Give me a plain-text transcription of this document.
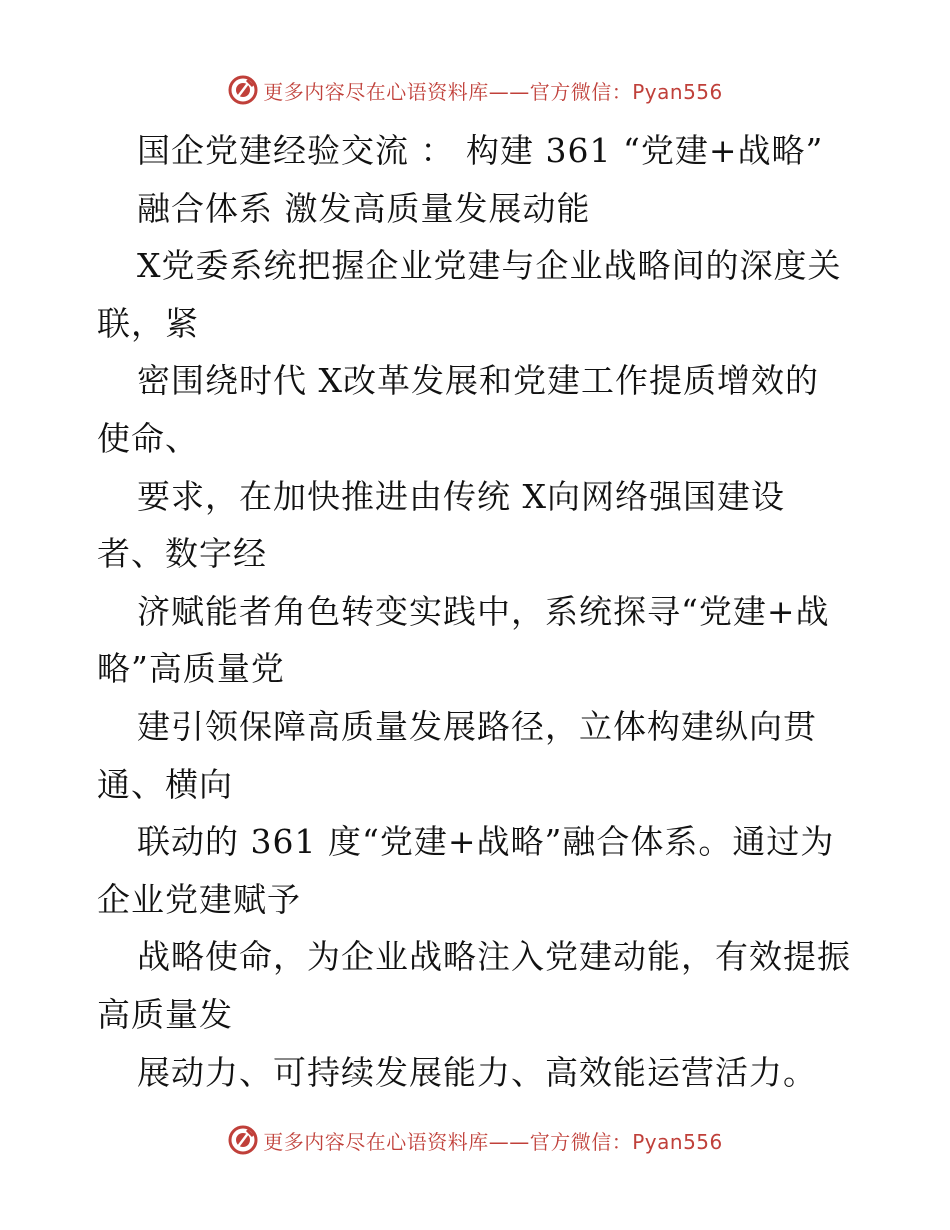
更多内容尽在心语资料库——官方微信：Pyan556
国企党建经验交流 ： 构建 361 “党建+战略”
融合体系 激发高质量发展动能
X党委系统把握企业党建与企业战略间的深度关
联，紧
密围绕时代 X改革发展和党建工作提质增效的
使命、
要求，在加快推进由传统 X向网络强国建设
者、数字经
济赋能者角色转变实践中，系统探寻“党建+战
略”高质量党
建引领保障高质量发展路径，立体构建纵向贯
通、横向
联动的 361 度“党建+战略”融合体系。通过为
企业党建赋予
战略使命，为企业战略注入党建动能，有效提振
高质量发
展动力、可持续发展能力、高效能运营活力。
更多内容尽在心语资料库——官方微信：Pyan556
